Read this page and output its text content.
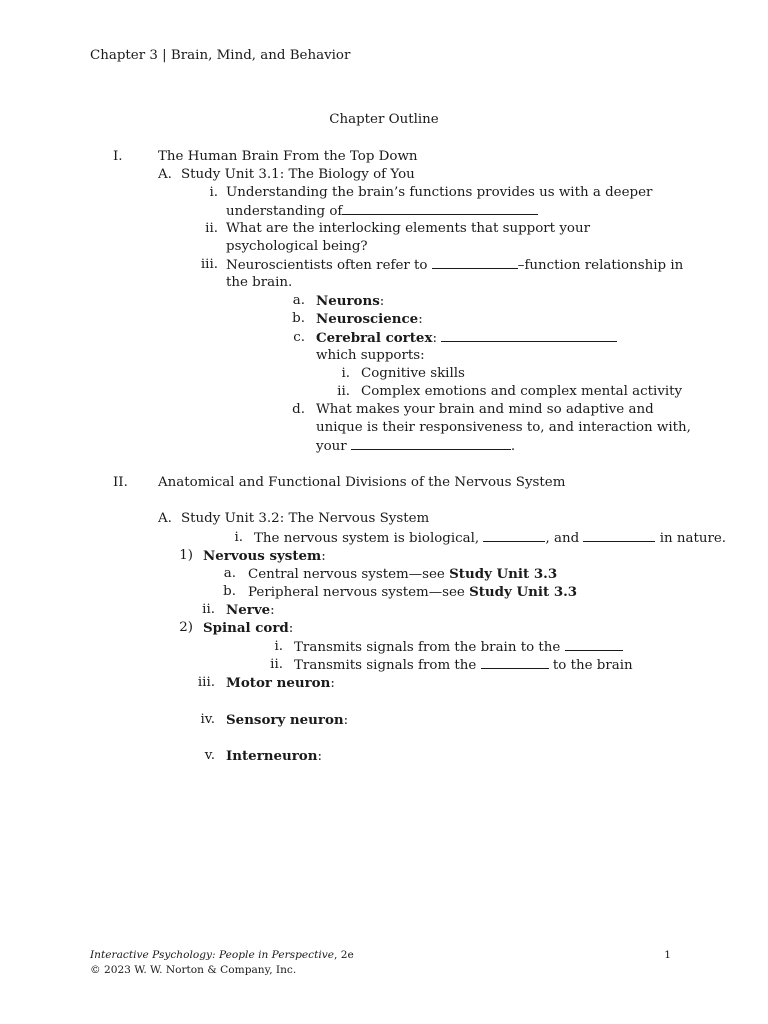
Chapter 3 | Brain, Mind, and Behavior
Chapter Outline
I.	The Human Brain From the Top Down
A. Study Unit 3.1: The Biology of You
i. Understanding the brain’s functions provides us with a deeper
understanding of
ii. What are the interlocking elements that support your
psychological being?
iii. Neuroscientists often refer to	–function relationship in
the brain.
a. Neurons:
b. Neuroscience:
c. Cerebral cortex:
which supports:
i. Cognitive skills
ii. Complex emotions and complex mental activity
d. What makes your brain and mind so adaptive and
unique is their responsiveness to, and interaction with,
your	.
II. Anatomical and Functional Divisions of the Nervous System
A. Study Unit 3.2: The Nervous System
i. The nervous system is biological,	, and	in nature.
1) Nervous system:
a. Central nervous system—see Study Unit 3.3
b. Peripheral nervous system—see Study Unit 3.3
ii. Nerve:
2) Spinal cord:
i. Transmits signals from the brain to the
ii. Transmits signals from the	to the brain
iii. Motor neuron:
iv. Sensory neuron:
v. Interneuron:
Interactive Psychology: People in Perspective, 2e
© 2023 W. W. Norton & Company, Inc.
1
